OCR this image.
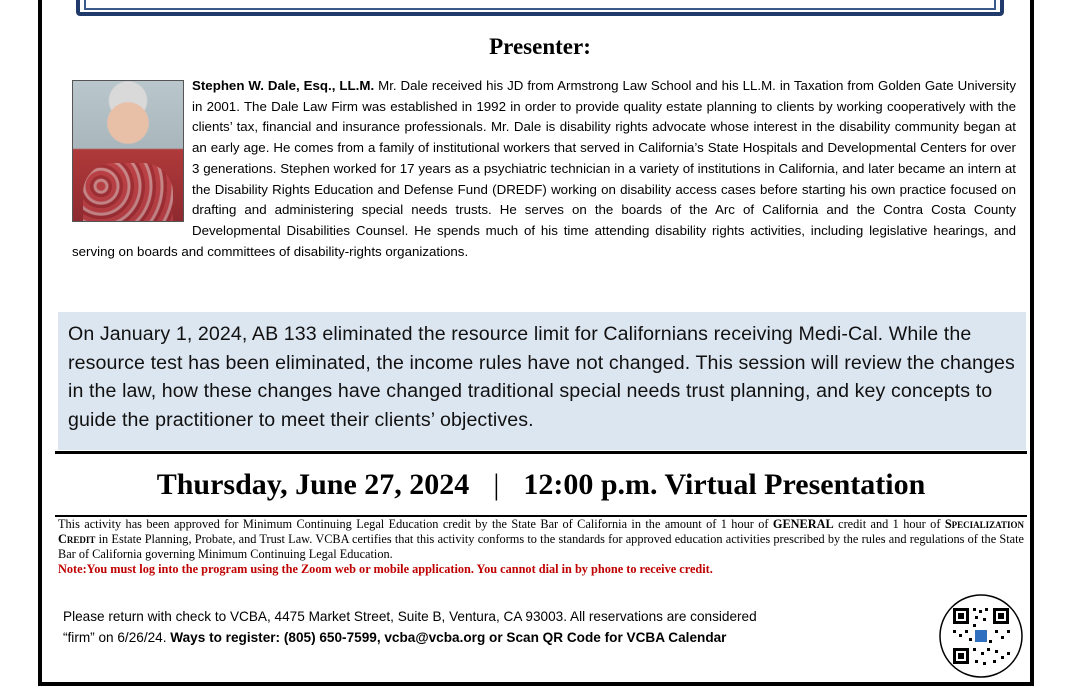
Presenter:

Stephen W. Dale, Esq., LL.M. Mr. Dale received his JD from Armstrong Law School and his LL.M. in Taxation from Golden Gate University in 2001. The Dale Law Firm was established in 1992 in order to provide quality estate planning to clients by working cooperatively with the clients’ tax, financial and insurance professionals. Mr. Dale is disability rights advocate whose interest in the disability community began at an early age. He comes from a family of institutional workers that served in California’s State Hospitals and Developmental Centers for over 3 generations. Stephen worked for 17 years as a psychiatric technician in a variety of institutions in California, and later became an intern at the Disability Rights Education and Defense Fund (DREDF) working on disability access cases before starting his own practice focused on drafting and administering special needs trusts. He serves on the boards of the Arc of California and the Contra Costa County Developmental Disabilities Counsel. He spends much of his time attending disability rights activities, including legislative hearings, and serving on boards and committees of disability-rights organizations.

On January 1, 2024, AB 133 eliminated the resource limit for Californians receiving Medi-Cal. While the resource test has been eliminated, the income rules have not changed. This session will review the changes in the law, how these changes have changed traditional special needs trust planning, and key concepts to guide the practitioner to meet their clients’ objectives.

Thursday, June 27, 2024 | 12:00 p.m. Virtual Presentation
This activity has been approved for Minimum Continuing Legal Education credit by the State Bar of California in the amount of 1 hour of GENERAL credit and 1 hour of Specialization Credit in Estate Planning, Probate, and Trust Law. VCBA certifies that this activity conforms to the standards for approved education activities prescribed by the rules and regulations of the State Bar of California governing Minimum Continuing Legal Education.
Note:You must log into the program using the Zoom web or mobile application. You cannot dial in by phone to receive credit.
Please return with check to VCBA, 4475 Market Street, Suite B, Ventura, CA 93003. All reservations are considered
“firm” on 6/26/24. Ways to register: (805) 650-7599, vcba@vcba.org or Scan QR Code for VCBA Calendar
